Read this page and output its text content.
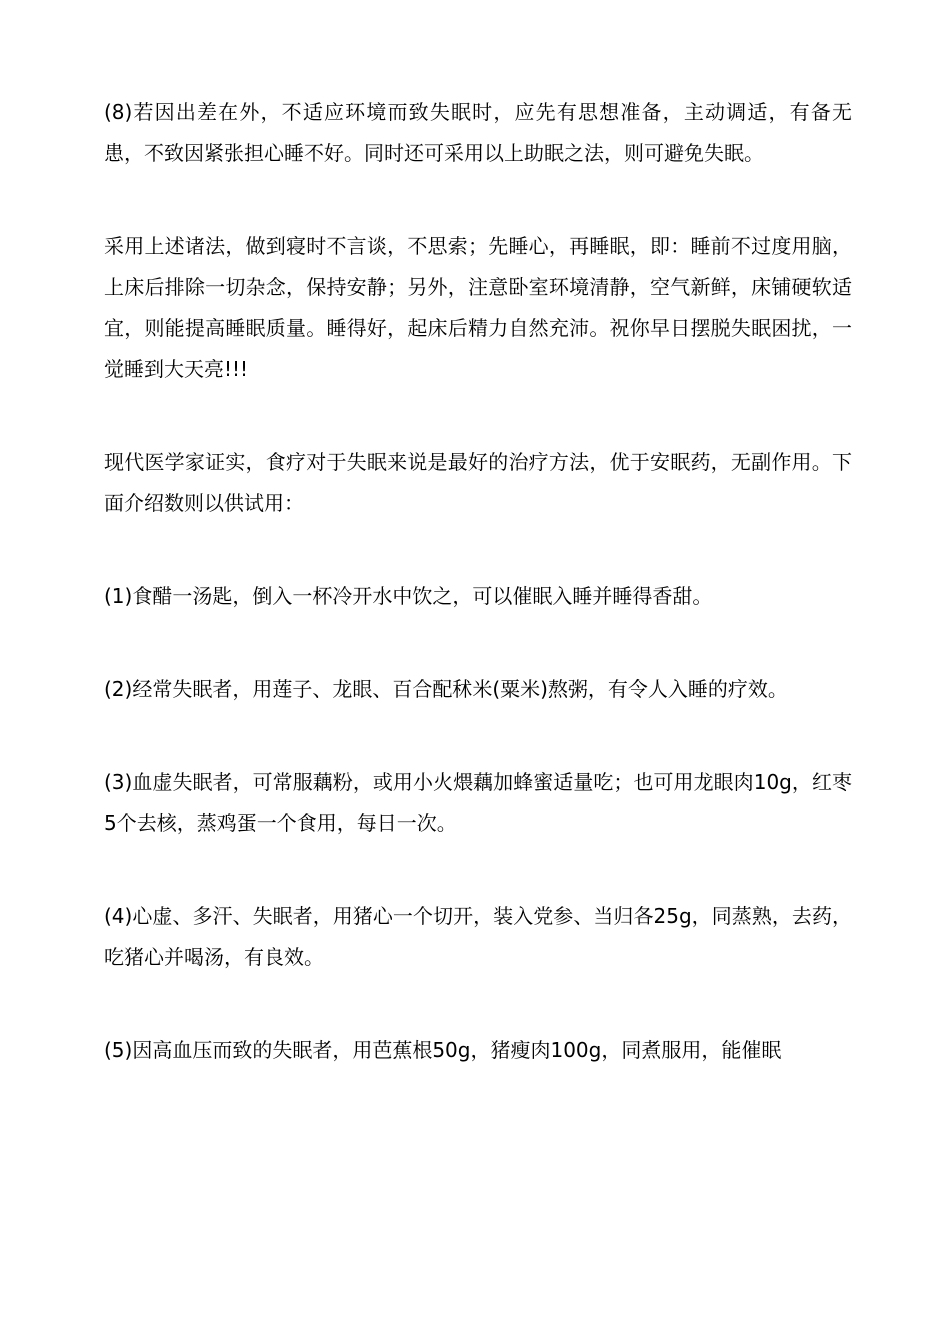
(8)若因出差在外，不适应环境而致失眠时，应先有思想准备，主动调适，有备无患，不致因紧张担心睡不好。同时还可采用以上助眠之法，则可避免失眠。

采用上述诸法，做到寝时不言谈，不思索；先睡心，再睡眠，即：睡前不过度用脑，上床后排除一切杂念，保持安静；另外，注意卧室环境清静，空气新鲜，床铺硬软适宜，则能提高睡眠质量。睡得好，起床后精力自然充沛。祝你早日摆脱失眠困扰，一觉睡到大天亮!!!

现代医学家证实，食疗对于失眠来说是最好的治疗方法，优于安眠药，无副作用。下面介绍数则以供试用：

(1)食醋一汤匙，倒入一杯冷开水中饮之，可以催眠入睡并睡得香甜。

(2)经常失眠者，用莲子、龙眼、百合配秫米(粟米)熬粥，有令人入睡的疗效。

(3)血虚失眠者，可常服藕粉，或用小火煨藕加蜂蜜适量吃；也可用龙眼肉10g，红枣5个去核，蒸鸡蛋一个食用，每日一次。

(4)心虚、多汗、失眠者，用猪心一个切开，装入党参、当归各25g，同蒸熟，去药，吃猪心并喝汤，有良效。

(5)因高血压而致的失眠者，用芭蕉根50g，猪瘦肉100g，同煮服用，能催眠
